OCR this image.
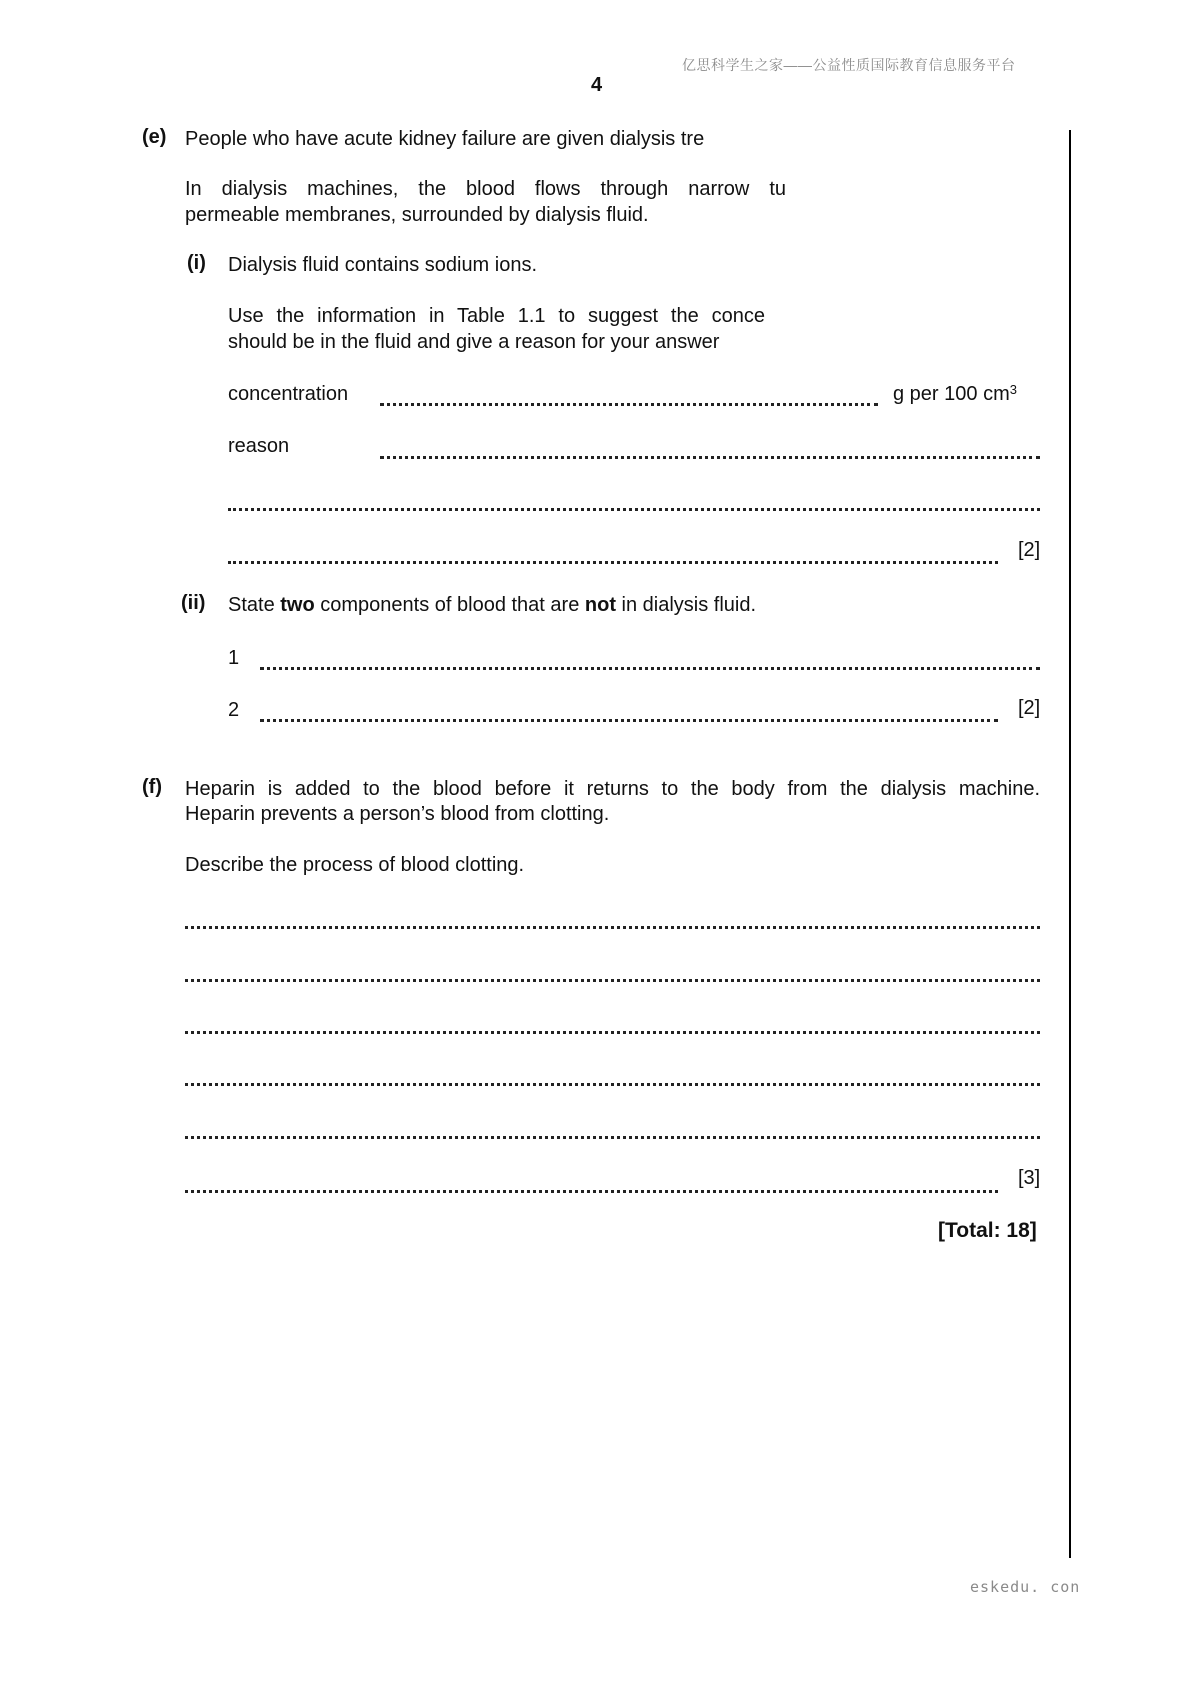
亿思科学生之家——公益性质国际教育信息服务平台
4
(e) People who have acute kidney failure are given dialysis tre
In dialysis machines, the blood flows through narrow tu
permeable membranes, surrounded by dialysis fluid.
(i) Dialysis fluid contains sodium ions.
Use the information in Table 1.1 to suggest the conce
should be in the fluid and give a reason for your answer
concentration	g per 100 $cm^3$
reason
[2]
(ii) State two components of blood that are not in dialysis fluid.
1
2	[2]
(f) Heparin is added to the blood before it returns to the body from the dialysis machine.
Heparin prevents a person’s blood from clotting.
Describe the process of blood clotting.
[3]
[Total: 18]
eskedu. con
